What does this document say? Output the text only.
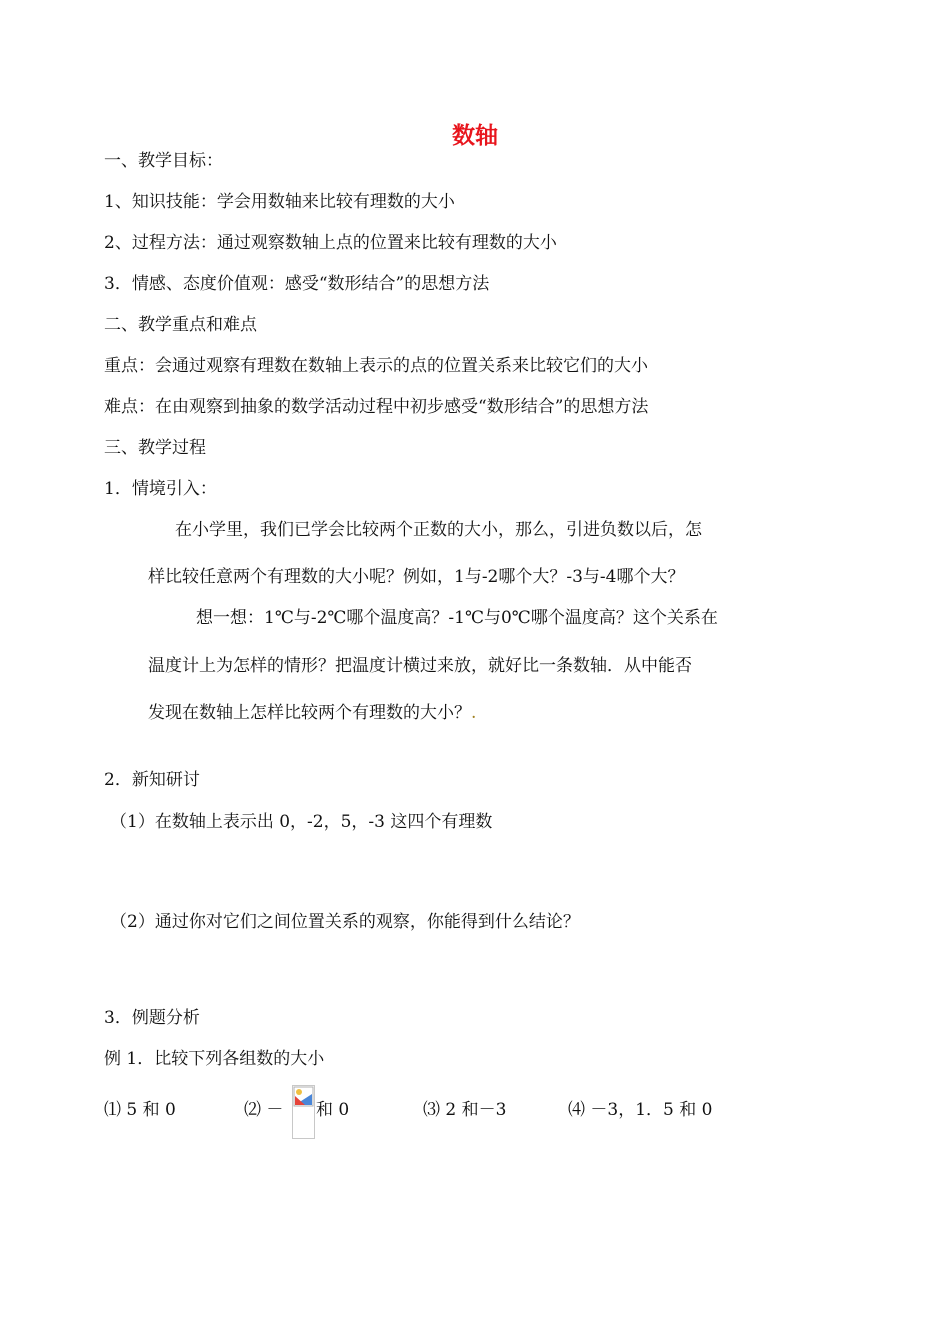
数轴
一、教学目标：
1、知识技能：学会用数轴来比较有理数的大小
2、过程方法：通过观察数轴上点的位置来比较有理数的大小
3．情感、态度价值观：感受“数形结合”的思想方法
二、教学重点和难点
重点：会通过观察有理数在数轴上表示的点的位置关系来比较它们的大小
难点：在由观察到抽象的数学活动过程中初步感受“数形结合”的思想方法
三、教学过程
1．情境引入：
在小学里，我们已学会比较两个正数的大小，那么，引进负数以后，怎
样比较任意两个有理数的大小呢？例如，1与-2哪个大？-3与-4哪个大？
想一想：1℃与-2℃哪个温度高？-1℃与0℃哪个温度高？这个关系在
温度计上为怎样的情形？把温度计横过来放，就好比一条数轴．从中能否
发现在数轴上怎样比较两个有理数的大小？.
2．新知研讨
（1）在数轴上表示出 0，-2，5，-3 这四个有理数
（2）通过你对它们之间位置关系的观察，你能得到什么结论？
3．例题分析
例 1．比较下列各组数的大小
⑴ 5 和 0	⑵ － 和 0	⑶ 2 和－3	⑷ －3，1．5 和 0
